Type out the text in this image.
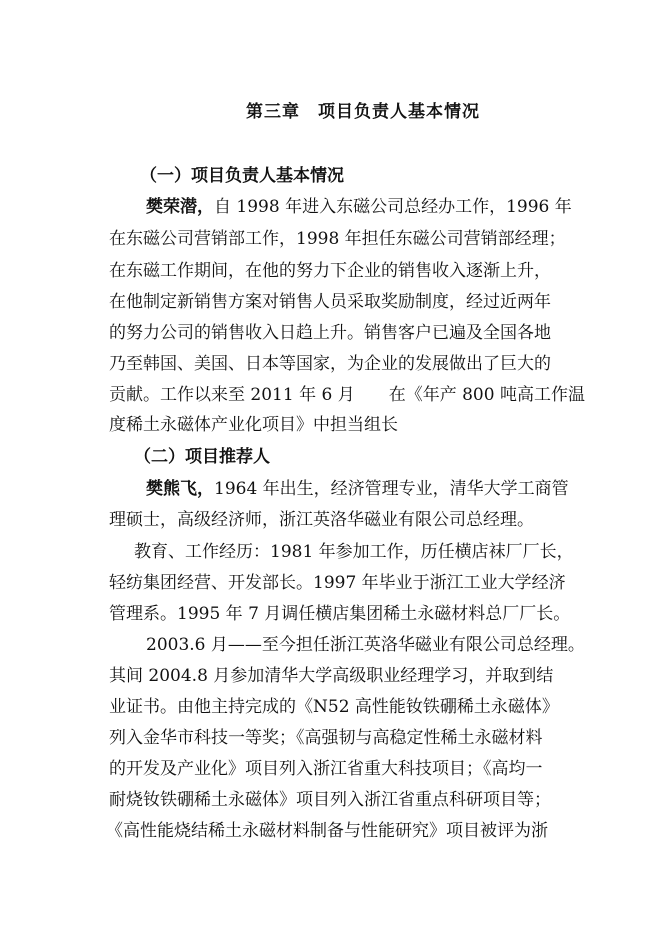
第三章　项目负责人基本情况
（一）项目负责人基本情况
樊荣潜，自 1998 年进入东磁公司总经办工作，1996 年
在东磁公司营销部工作，1998 年担任东磁公司营销部经理；
在东磁工作期间，在他的努力下企业的销售收入逐渐上升，
在他制定新销售方案对销售人员采取奖励制度，经过近两年
的努力公司的销售收入日趋上升。销售客户已遍及全国各地
乃至韩国、美国、日本等国家，为企业的发展做出了巨大的
贡献。工作以来至 2011 年 6 月　　在《年产 800 吨高工作温
度稀土永磁体产业化项目》中担当组长
（二）项目推荐人
樊熊飞，1964 年出生，经济管理专业，清华大学工商管
理硕士，高级经济师，浙江英洛华磁业有限公司总经理。
教育、工作经历：1981 年参加工作，历任横店袜厂厂长，
轻纺集团经营、开发部长。1997 年毕业于浙江工业大学经济
管理系。1995 年 7 月调任横店集团稀土永磁材料总厂厂长。
2003.6 月——至今担任浙江英洛华磁业有限公司总经理。
其间 2004.8 月参加清华大学高级职业经理学习，并取到结
业证书。由他主持完成的《N52 高性能钕铁硼稀土永磁体》
列入金华市科技一等奖；《高强韧与高稳定性稀土永磁材料
的开发及产业化》项目列入浙江省重大科技项目；《高均一
耐烧钕铁硼稀土永磁体》项目列入浙江省重点科研项目等；
《高性能烧结稀土永磁材料制备与性能研究》项目被评为浙
